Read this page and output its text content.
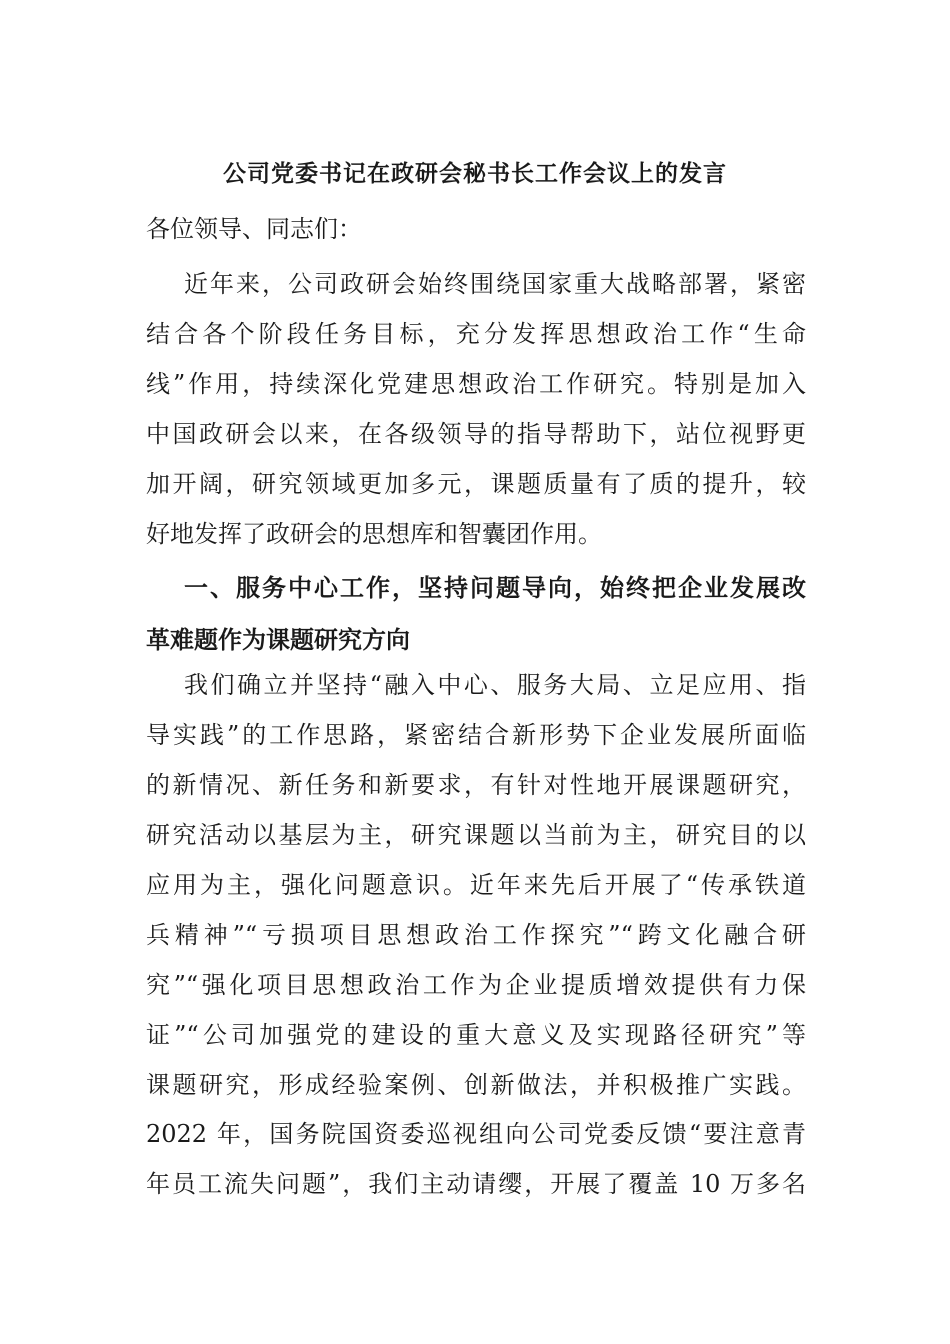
公司党委书记在政研会秘书长工作会议上的发言
各位领导、同志们：
近年来，公司政研会始终围绕国家重大战略部署，紧密
结合各个阶段任务目标，充分发挥思想政治工作“生命
线”作用，持续深化党建思想政治工作研究。特别是加入
中国政研会以来，在各级领导的指导帮助下，站位视野更
加开阔，研究领域更加多元，课题质量有了质的提升，较
好地发挥了政研会的思想库和智囊团作用。
一、服务中心工作，坚持问题导向，始终把企业发展改
革难题作为课题研究方向
我们确立并坚持“融入中心、服务大局、立足应用、指
导实践”的工作思路，紧密结合新形势下企业发展所面临
的新情况、新任务和新要求，有针对性地开展课题研究，
研究活动以基层为主，研究课题以当前为主，研究目的以
应用为主，强化问题意识。近年来先后开展了“传承铁道
兵精神”“亏损项目思想政治工作探究”“跨文化融合研
究”“强化项目思想政治工作为企业提质增效提供有力保
证”“公司加强党的建设的重大意义及实现路径研究”等
课题研究，形成经验案例、创新做法，并积极推广实践。
2022 年，国务院国资委巡视组向公司党委反馈“要注意青
年员工流失问题”，我们主动请缨，开展了覆盖 10 万多名
